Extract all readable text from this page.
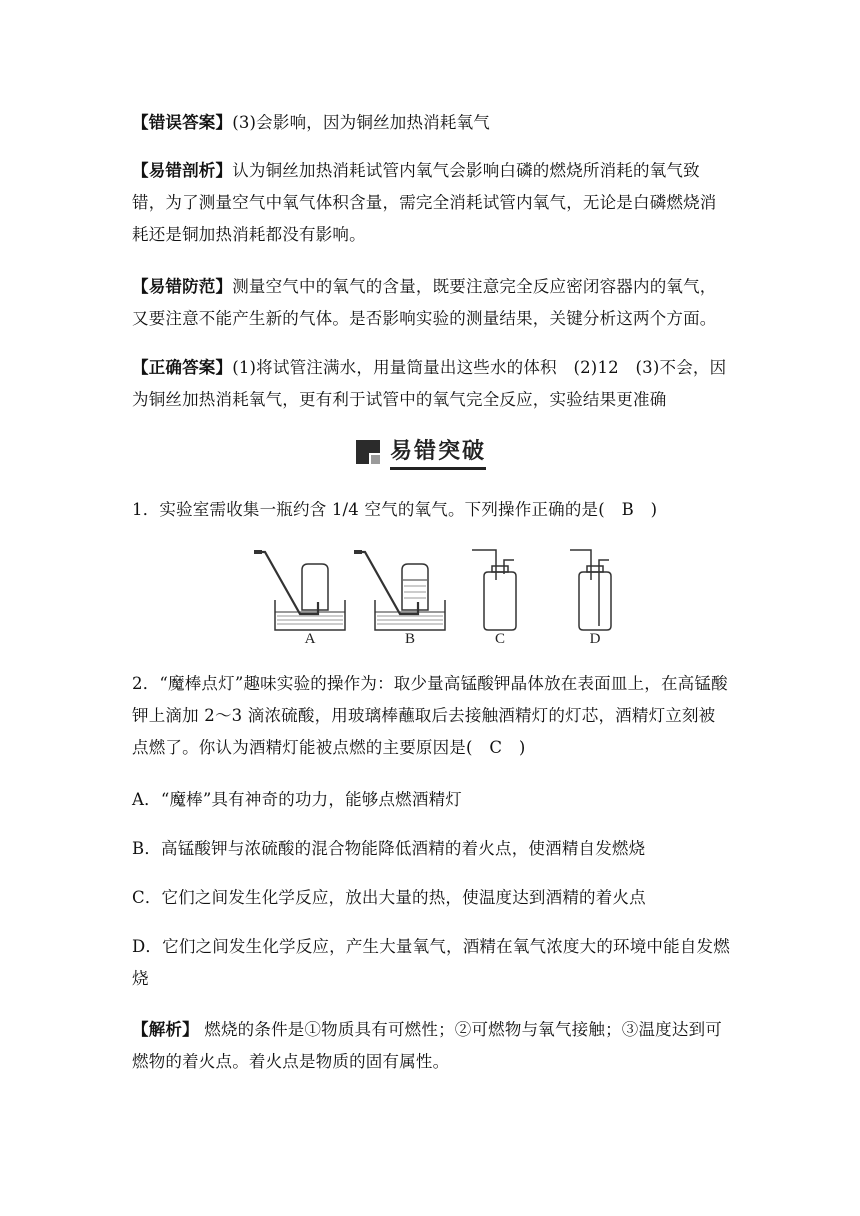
【错误答案】(3)会影响，因为铜丝加热消耗氧气
【易错剖析】认为铜丝加热消耗试管内氧气会影响白磷的燃烧所消耗的氧气致错，为了测量空气中氧气体积含量，需完全消耗试管内氧气，无论是白磷燃烧消耗还是铜加热消耗都没有影响。
【易错防范】测量空气中的氧气的含量，既要注意完全反应密闭容器内的氧气，又要注意不能产生新的气体。是否影响实验的测量结果，关键分析这两个方面。
【正确答案】(1)将试管注满水，用量筒量出这些水的体积　(2)12　(3)不会，因为铜丝加热消耗氧气，更有利于试管中的氧气完全反应，实验结果更准确
易错突破
1．实验室需收集一瓶约含 1/4 空气的氧气。下列操作正确的是(　B　)
A	B	C	D
2．“魔棒点灯”趣味实验的操作为：取少量高锰酸钾晶体放在表面皿上，在高锰酸钾上滴加 2～3 滴浓硫酸，用玻璃棒蘸取后去接触酒精灯的灯芯，酒精灯立刻被点燃了。你认为酒精灯能被点燃的主要原因是(　C　)
A．“魔棒”具有神奇的功力，能够点燃酒精灯
B．高锰酸钾与浓硫酸的混合物能降低酒精的着火点，使酒精自发燃烧
C．它们之间发生化学反应，放出大量的热，使温度达到酒精的着火点
D．它们之间发生化学反应，产生大量氧气，酒精在氧气浓度大的环境中能自发燃烧
【解析】 燃烧的条件是①物质具有可燃性；②可燃物与氧气接触；③温度达到可燃物的着火点。着火点是物质的固有属性。
